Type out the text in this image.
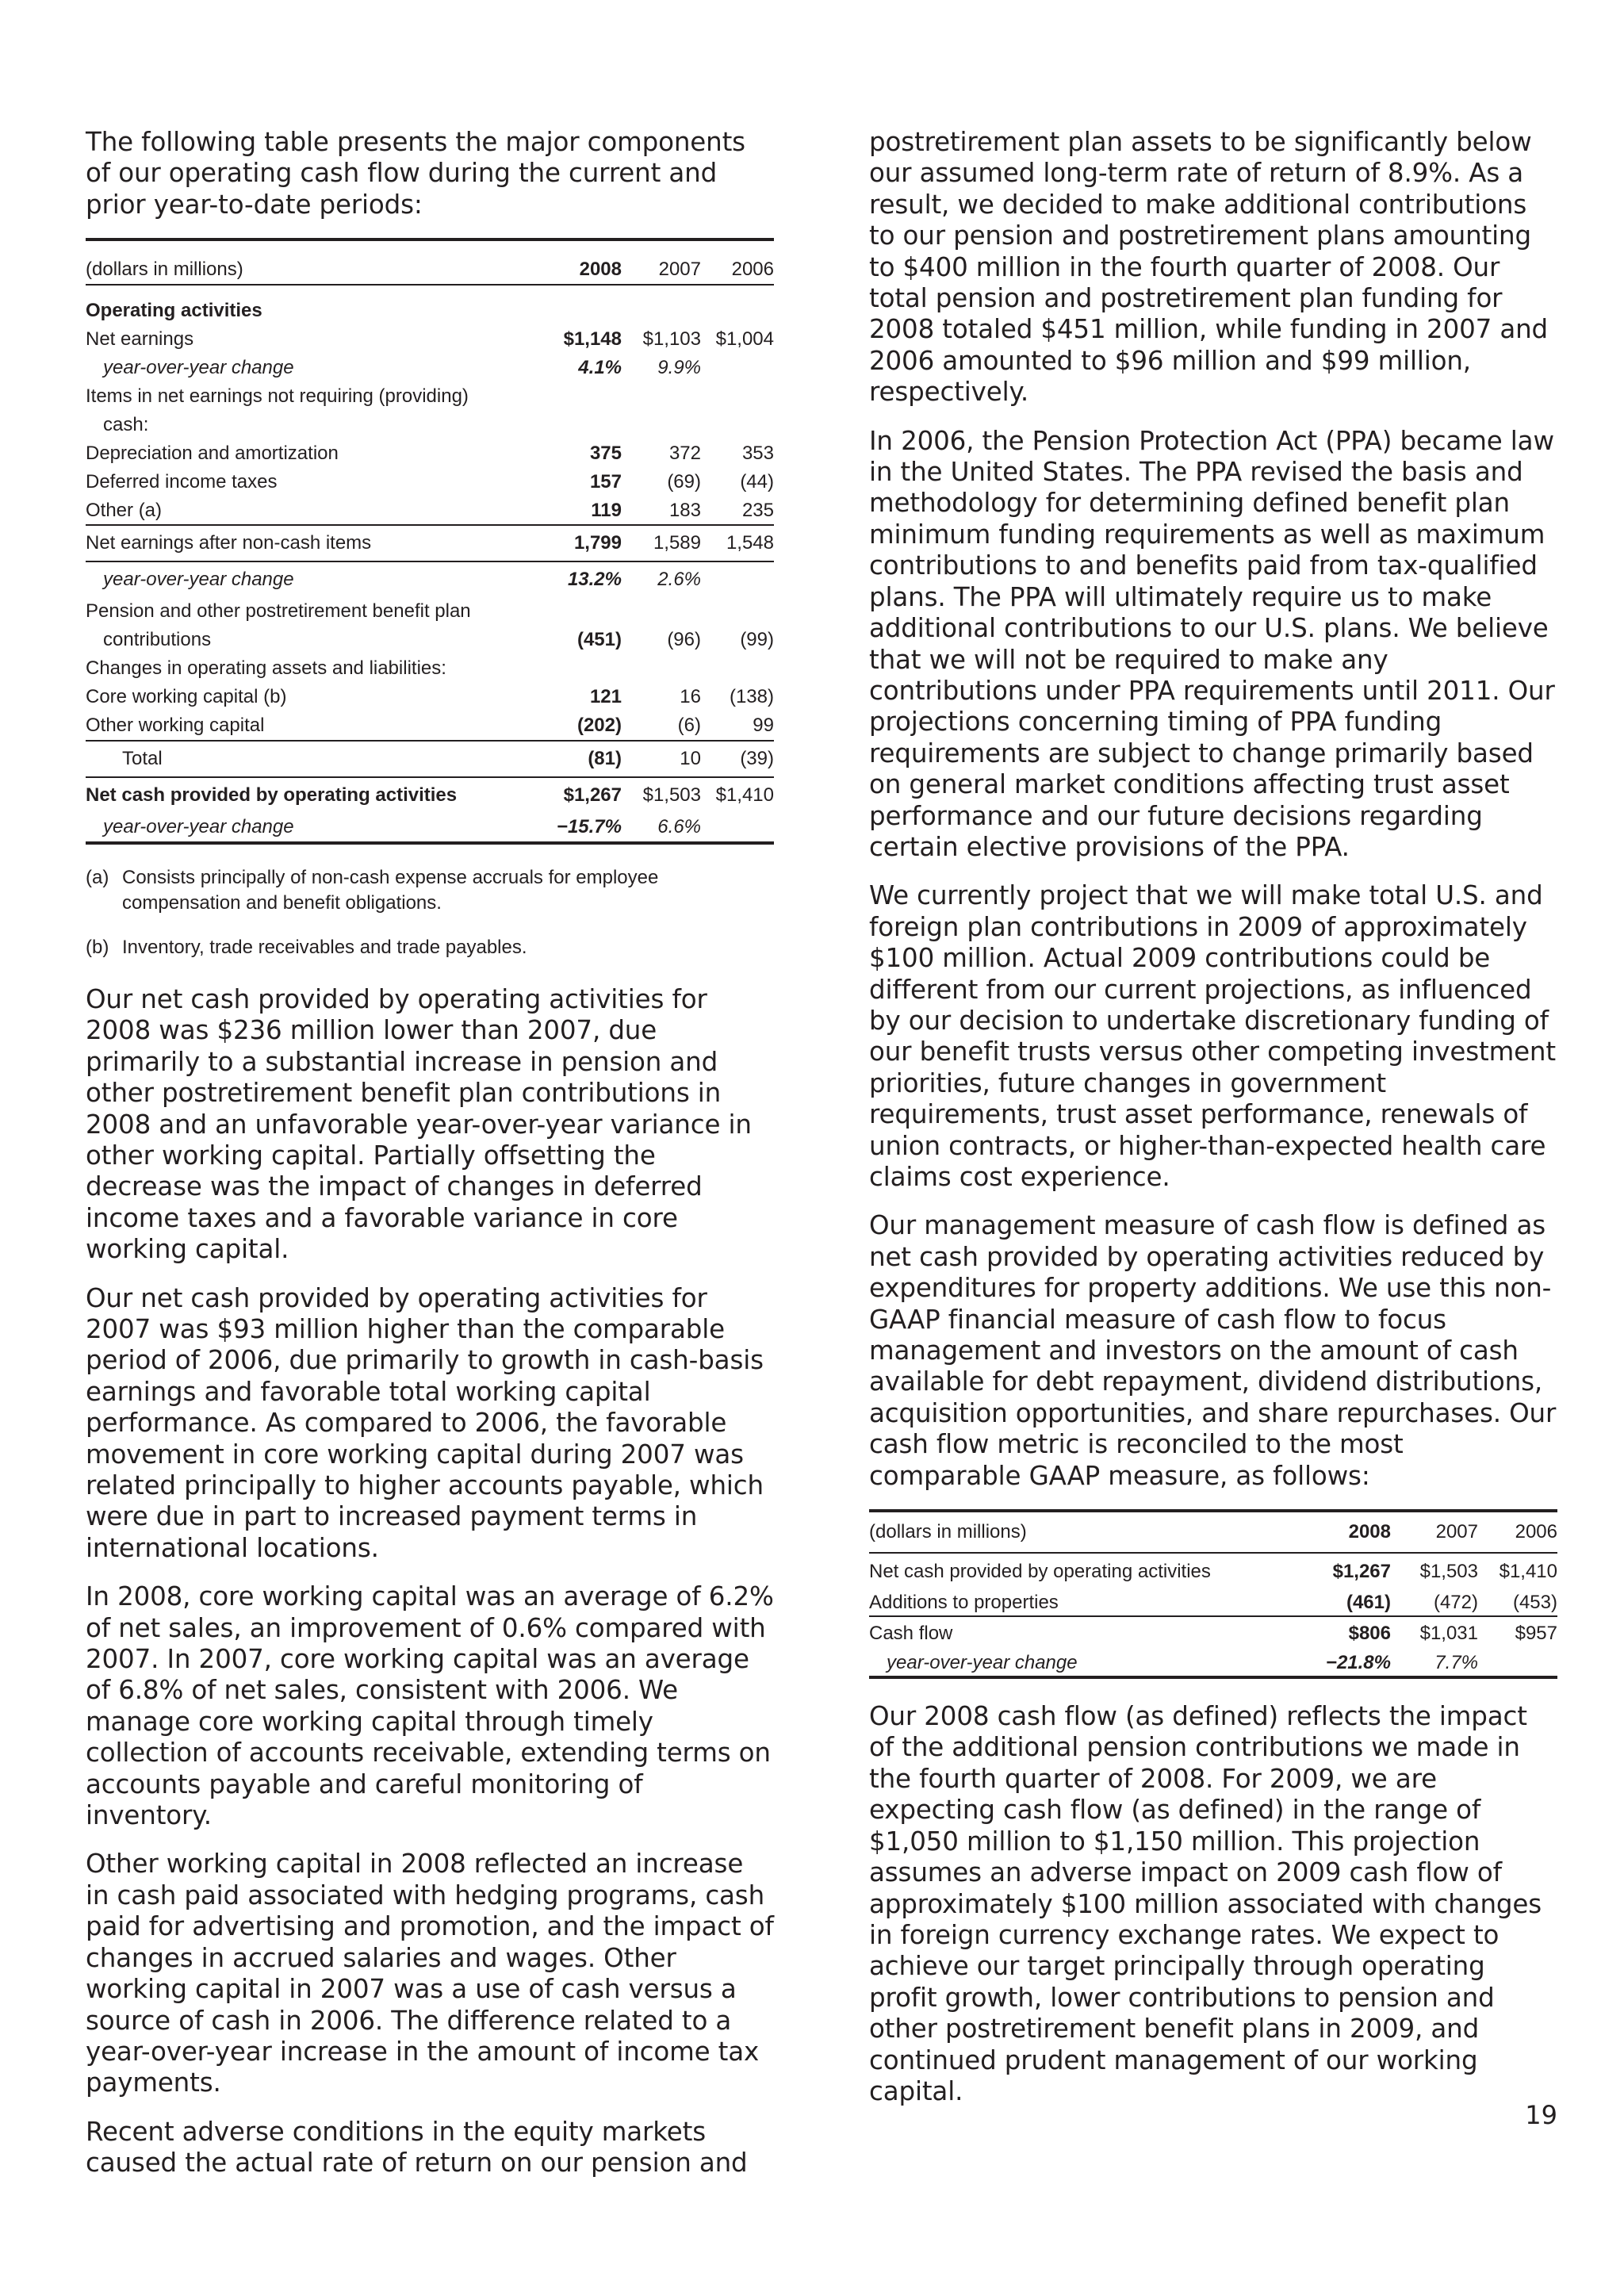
The following table presents the major components of our operating cash flow during the current and prior year-to-date periods:

(dollars in millions)	2008	2007	2006

Operating activities			
Net earnings	$1,148	$1,103	$1,004
year-over-year change	4.1%	9.9%	
Items in net earnings not requiring (providing)			
cash:			
Depreciation and amortization	375	372	353
Deferred income taxes	157	(69)	(44)
Other (a)	119	183	235
Net earnings after non-cash items	1,799	1,589	1,548
year-over-year change	13.2%	2.6%	
Pension and other postretirement benefit plan			
contributions	(451)	(96)	(99)
Changes in operating assets and liabilities:			
Core working capital (b)	121	16	(138)
Other working capital	(202)	(6)	99
Total	(81)	10	(39)
Net cash provided by operating activities	$1,267	$1,503	$1,410
year-over-year change	−15.7%	6.6%	
(a) Consists principally of non-cash expense accruals for employee compensation and benefit obligations.
(b) Inventory, trade receivables and trade payables.

Our net cash provided by operating activities for 2008 was $236 million lower than 2007, due primarily to a substantial increase in pension and other postretirement benefit plan contributions in 2008 and an unfavorable year-over-year variance in other working capital. Partially offsetting the decrease was the impact of changes in deferred income taxes and a favorable variance in core working capital.

Our net cash provided by operating activities for 2007 was $93 million higher than the comparable period of 2006, due primarily to growth in cash-basis earnings and favorable total working capital performance. As compared to 2006, the favorable movement in core working capital during 2007 was related principally to higher accounts payable, which were due in part to increased payment terms in international locations.

In 2008, core working capital was an average of 6.2% of net sales, an improvement of 0.6% compared with 2007. In 2007, core working capital was an average of 6.8% of net sales, consistent with 2006. We manage core working capital through timely collection of accounts receivable, extending terms on accounts payable and careful monitoring of inventory.

Other working capital in 2008 reflected an increase in cash paid associated with hedging programs, cash paid for advertising and promotion, and the impact of changes in accrued salaries and wages. Other working capital in 2007 was a use of cash versus a source of cash in 2006. The difference related to a year-over-year increase in the amount of income tax payments.

Recent adverse conditions in the equity markets caused the actual rate of return on our pension and

postretirement plan assets to be significantly below our assumed long-term rate of return of 8.9%. As a result, we decided to make additional contributions to our pension and postretirement plans amounting to $400 million in the fourth quarter of 2008. Our total pension and postretirement plan funding for 2008 totaled $451 million, while funding in 2007 and 2006 amounted to $96 million and $99 million, respectively.

In 2006, the Pension Protection Act (PPA) became law in the United States. The PPA revised the basis and methodology for determining defined benefit plan minimum funding requirements as well as maximum contributions to and benefits paid from tax-qualified plans. The PPA will ultimately require us to make additional contributions to our U.S. plans. We believe that we will not be required to make any contributions under PPA requirements until 2011. Our projections concerning timing of PPA funding requirements are subject to change primarily based on general market conditions affecting trust asset performance and our future decisions regarding certain elective provisions of the PPA.

We currently project that we will make total U.S. and foreign plan contributions in 2009 of approximately $100 million. Actual 2009 contributions could be different from our current projections, as influenced by our decision to undertake discretionary funding of our benefit trusts versus other competing investment priorities, future changes in government requirements, trust asset performance, renewals of union contracts, or higher-than-expected health care claims cost experience.

Our management measure of cash flow is defined as net cash provided by operating activities reduced by expenditures for property additions. We use this non-GAAP financial measure of cash flow to focus management and investors on the amount of cash available for debt repayment, dividend distributions, acquisition opportunities, and share repurchases. Our cash flow metric is reconciled to the most comparable GAAP measure, as follows:

(dollars in millions)	2008	2007	2006
Net cash provided by operating activities	$1,267	$1,503	$1,410
Additions to properties	(461)	(472)	(453)
Cash flow	$806	$1,031	$957
year-over-year change	−21.8%	7.7%	

Our 2008 cash flow (as defined) reflects the impact of the additional pension contributions we made in the fourth quarter of 2008. For 2009, we are expecting cash flow (as defined) in the range of $1,050 million to $1,150 million. This projection assumes an adverse impact on 2009 cash flow of approximately $100 million associated with changes in foreign currency exchange rates. We expect to achieve our target principally through operating profit growth, lower contributions to pension and other postretirement benefit plans in 2009, and continued prudent management of our working capital.

19
